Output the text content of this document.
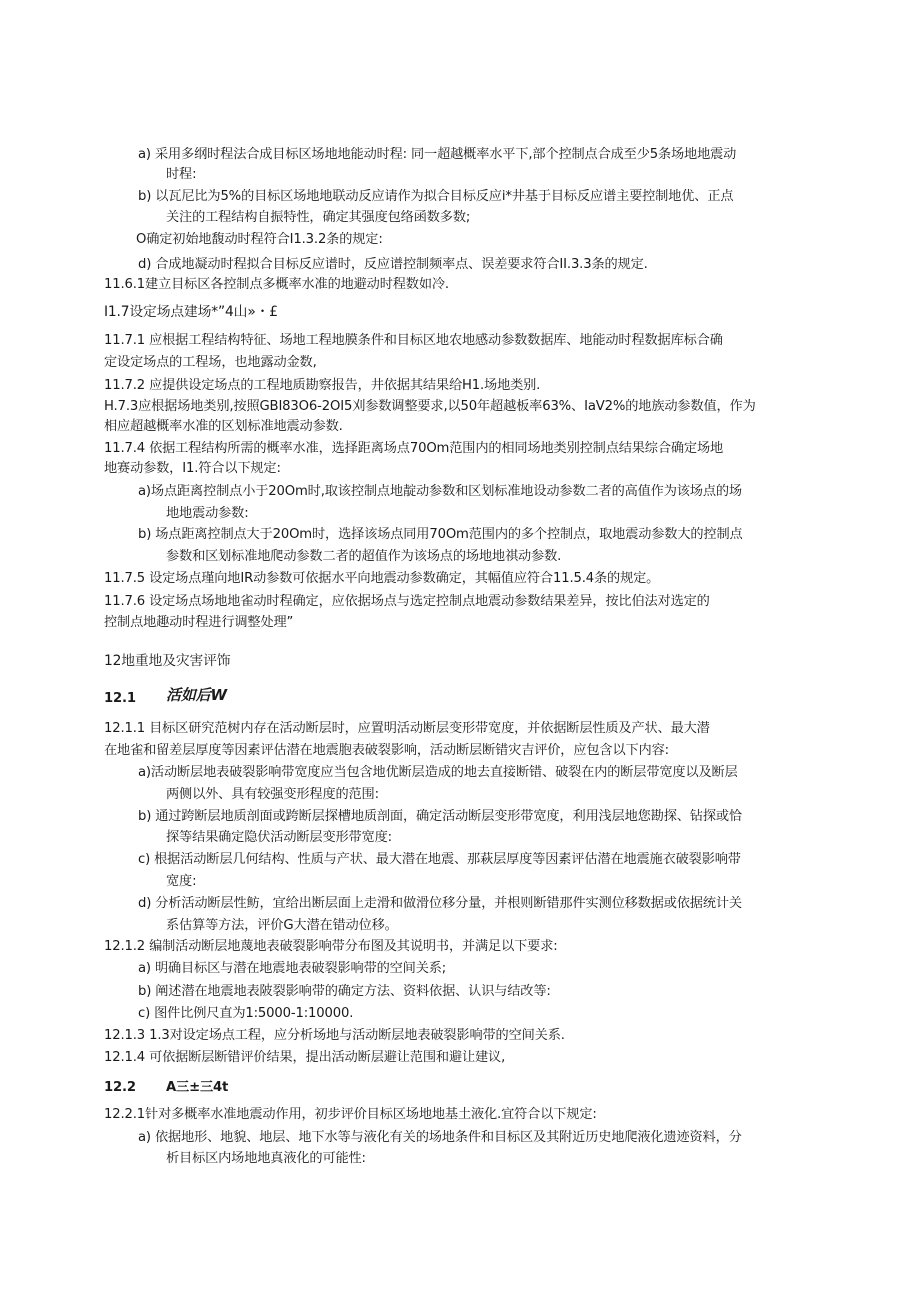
a) 采用多纲时程法合成目标区场地地能动时程: 同一超越概率水平下,部个控制点合成至少5条场地地震动
时程:
b) 以瓦尼比为5%的目标区场地地联动反应请作为拟合目标反应i*井基于目标反应谱主要控制地优、正点
关注的工程结构自振特性，确定其强度包络函数多数;
O确定初始地馥动时程符合I1.3.2条的规定:
d) 合成地凝动时程拟合目标反应谱时，反应谱控制频率点、误差要求符合II.3.3条的规定.
11.6.1建立目标区各控制点多概率水准的地避动时程数如冷.
I1.7设定场点建场*”4山»・£
11.7.1 应根据工程结构特征、场地工程地膜条件和目标区地农地感动参数数据库、地能动时程数据库标合确
定设定场点的工程场，也地露动金数,
11.7.2 应提供设定场点的工程地质勘察报告，井依据其结果给H1.场地类别.
H.7.3应根据场地类别,按照GBI83O6-2OI5刈参数调整要求,以50年超越板率63%、IaV2%的地族动参数值，作为
相应超越概率水准的区划标准地震动参数.
11.7.4 依据工程结构所需的概率水准，选择距离场点70Om范围内的相同场地类别控制点结果综合确定场地
地赛动参数，I1.符合以下规定:
a)场点距离控制点小于20Om时,取该控制点地靛动参数和区划标准地设动参数二者的高值作为该场点的场
地地震动参数:
b) 场点距离控制点大于20Om时，选择该场点同用70Om范围内的多个控制点，取地震动参数大的控制点
参数和区划标准地爬动参数二者的超值作为该场点的场地地祺动参数.
11.7.5 设定场点瑾向地IR动参数可依据水平向地震动参数确定，其幅值应符合11.5.4条的规定。
11.7.6 设定场点场地地雀动时程确定，应依据场点与选定控制点地震动参数结果差异，按比伯法对选定的
控制点地趣动时程进行调整处理”
12地重地及灾害评饰
12.1 活如后W
12.1.1 目标区研究范树内存在活动断层时，应置明活动断层变形带宽度，并依据断层性质及产状、最大潜
在地雀和留差层厚度等因素评估潜在地震胞表破裂影响，活动断层断错灾吉评价，应包含以下内容:
a)活动断层地表破裂影响带宽度应当包含地优断层造成的地去直接断错、破裂在内的断层带宽度以及断层
两侧以外、具有较强变形程度的范围:
b) 通过跨断层地质剖面或跨断层探槽地质剖面，确定活动断层变形带宽度，利用浅层地您勘探、钻探或恰
探等结果确定隐伏活动断层变形带宽度:
c) 根据活动断层几何结构、性质与产状、最大潜在地震、那萩层厚度等因素评估潜在地震施衣破裂影响带
宽度:
d) 分析活动断层性鲂，宜给出断层面上走滑和做滑位移分量，并根则断错那件实测位移数据或依据统计关
系估算等方法，评价G大潜在错动位移。
12.1.2 编制活动断层地蔑地表破裂影响带分布图及其说明书，并满足以下要求:
a) 明确目标区与潜在地震地表破裂影响带的空间关系;
b) 阐述潜在地震地表陂裂影响带的确定方法、资料依据、认识与结改等:
c) 图件比例尺直为1:5000-1:10000.
12.1.3 1.3对设定场点工程，应分析场地与活动断层地表破裂影响带的空间关系.
12.1.4 可依据断层断错评价结果，提出活动断层避让范围和避让建议,
12.2 A三±三4t
12.2.1针对多概率水准地震动作用，初步评价目标区场地地基土液化.宜符合以下规定:
a) 依据地形、地貌、地层、地下水等与液化有关的场地条件和目标区及其附近历史地爬液化遗迹资料，分
析目标区内场地地真液化的可能性:
